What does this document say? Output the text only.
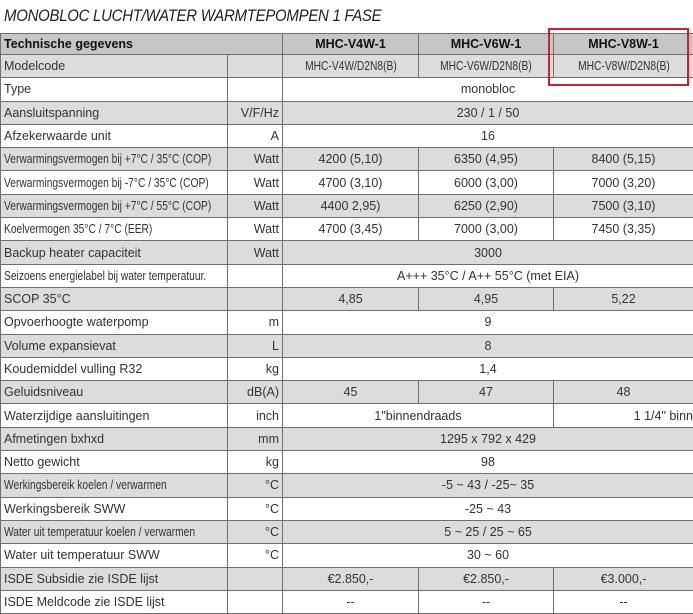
MONOBLOC LUCHT/WATER WARMTEPOMPEN 1 FASE
Technische gegevens		MHC-V4W-1	MHC-V6W-1	MHC-V8W-1
Modelcode		MHC-V4W/D2N8(B)	MHC-V6W/D2N8(B)	MHC-V8W/D2N8(B)
Type		monobloc		
Aansluitspanning	V/F/Hz	230 / 1 / 50		
Afzekerwaarde unit	A	16		
Verwarmingsvermogen bij +7°C / 35°C (COP)	Watt	4200 (5,10)	6350 (4,95)	8400 (5,15)
Verwarmingsvermogen bij -7°C / 35°C (COP)	Watt	4700 (3,10)	6000 (3,00)	7000 (3,20)
Verwarmingsvermogen bij +7°C / 55°C (COP)	Watt	4400 2,95)	6250 (2,90)	7500 (3,10)
Koelvermogen 35°C / 7°C (EER)	Watt	4700 (3,45)	7000 (3,00)	7450 (3,35)
Backup heater capaciteit	Watt	3000		
Seizoens energielabel bij water temperatuur.		A+++ 35°C / A++ 55°C (met EIA)		
SCOP 35°C		4,85	4,95	5,22
Opvoerhoogte waterpomp	m	9		
Volume expansievat	L	8		
Koudemiddel vulling R32	kg	1,4		
Geluidsniveau	dB(A)	45	47	48
Waterzijdige aansluitingen	inch	1"binnendraads		1 1/4" binn
Afmetingen bxhxd	mm	1295 x 792 x 429		
Netto gewicht	kg	98		
Werkingsbereik koelen / verwarmen	°C	-5 ~ 43 / -25~ 35		
Werkingsbereik SWW	°C	-25 ~ 43		
Water uit temperatuur koelen / verwarmen	°C	5 ~ 25 / 25 ~ 65		
Water uit temperatuur SWW	°C	30 ~ 60		
ISDE Subsidie zie ISDE lijst		€2.850,-	€2.850,-	€3.000,-
ISDE Meldcode zie ISDE lijst		--	--	--
